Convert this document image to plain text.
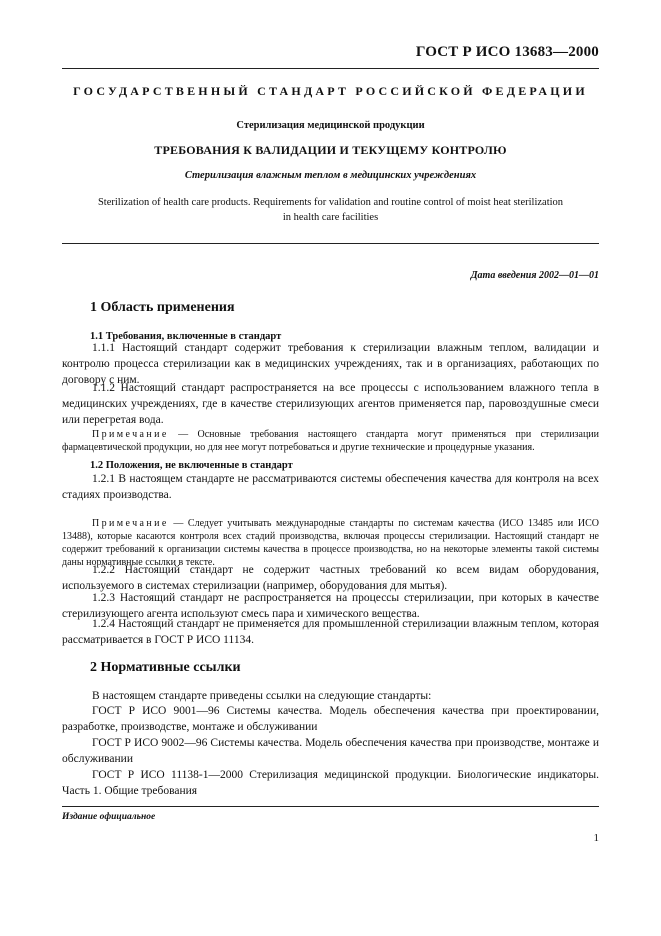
ГОСТ Р ИСО 13683—2000
ГОСУДАРСТВЕННЫЙ СТАНДАРТ РОССИЙСКОЙ ФЕДЕРАЦИИ
Стерилизация медицинской продукции
ТРЕБОВАНИЯ К ВАЛИДАЦИИ И ТЕКУЩЕМУ КОНТРОЛЮ
Стерилизация влажным теплом в медицинских учреждениях
Sterilization of health care products. Requirements for validation and routine control of moist heat sterilization
in health care facilities
Дата введения 2002—01—01
1 Область применения
1.1 Требования, включенные в стандарт
1.1.1 Настоящий стандарт содержит требования к стерилизации влажным теплом, валидации и контролю процесса стерилизации как в медицинских учреждениях, так и в организациях, работающих по договору с ним.
1.1.2 Настоящий стандарт распространяется на все процессы с использованием влажного тепла в медицинских учреждениях, где в качестве стерилизующих агентов применяется пар, паровоздушные смеси или перегретая вода.
Примечание — Основные требования настоящего стандарта могут применяться при стерилизации фармацевтической продукции, но для нее могут потребоваться и другие технические и процедурные указания.
1.2 Положения, не включенные в стандарт
1.2.1 В настоящем стандарте не рассматриваются системы обеспечения качества для контроля на всех стадиях производства.
Примечание — Следует учитывать международные стандарты по системам качества (ИСО 13485 или ИСО 13488), которые касаются контроля всех стадий производства, включая процессы стерилизации. Настоящий стандарт не содержит требований к организации системы качества в процессе производства, но на некоторые элементы такой системы даны нормативные ссылки в тексте.
1.2.2 Настоящий стандарт не содержит частных требований ко всем видам оборудования, используемого в системах стерилизации (например, оборудования для мытья).
1.2.3 Настоящий стандарт не распространяется на процессы стерилизации, при которых в качестве стерилизующего агента используют смесь пара и химического вещества.
1.2.4 Настоящий стандарт не применяется для промышленной стерилизации влажным теплом, которая рассматривается в ГОСТ Р ИСО 11134.
2 Нормативные ссылки
В настоящем стандарте приведены ссылки на следующие стандарты:
ГОСТ Р ИСО 9001—96 Системы качества. Модель обеспечения качества при проектировании, разработке, производстве, монтаже и обслуживании
ГОСТ Р ИСО 9002—96 Системы качества. Модель обеспечения качества при производстве, монтаже и обслуживании
ГОСТ Р ИСО 11138-1—2000 Стерилизация медицинской продукции. Биологические индикаторы. Часть 1. Общие требования
Издание официальное
1
